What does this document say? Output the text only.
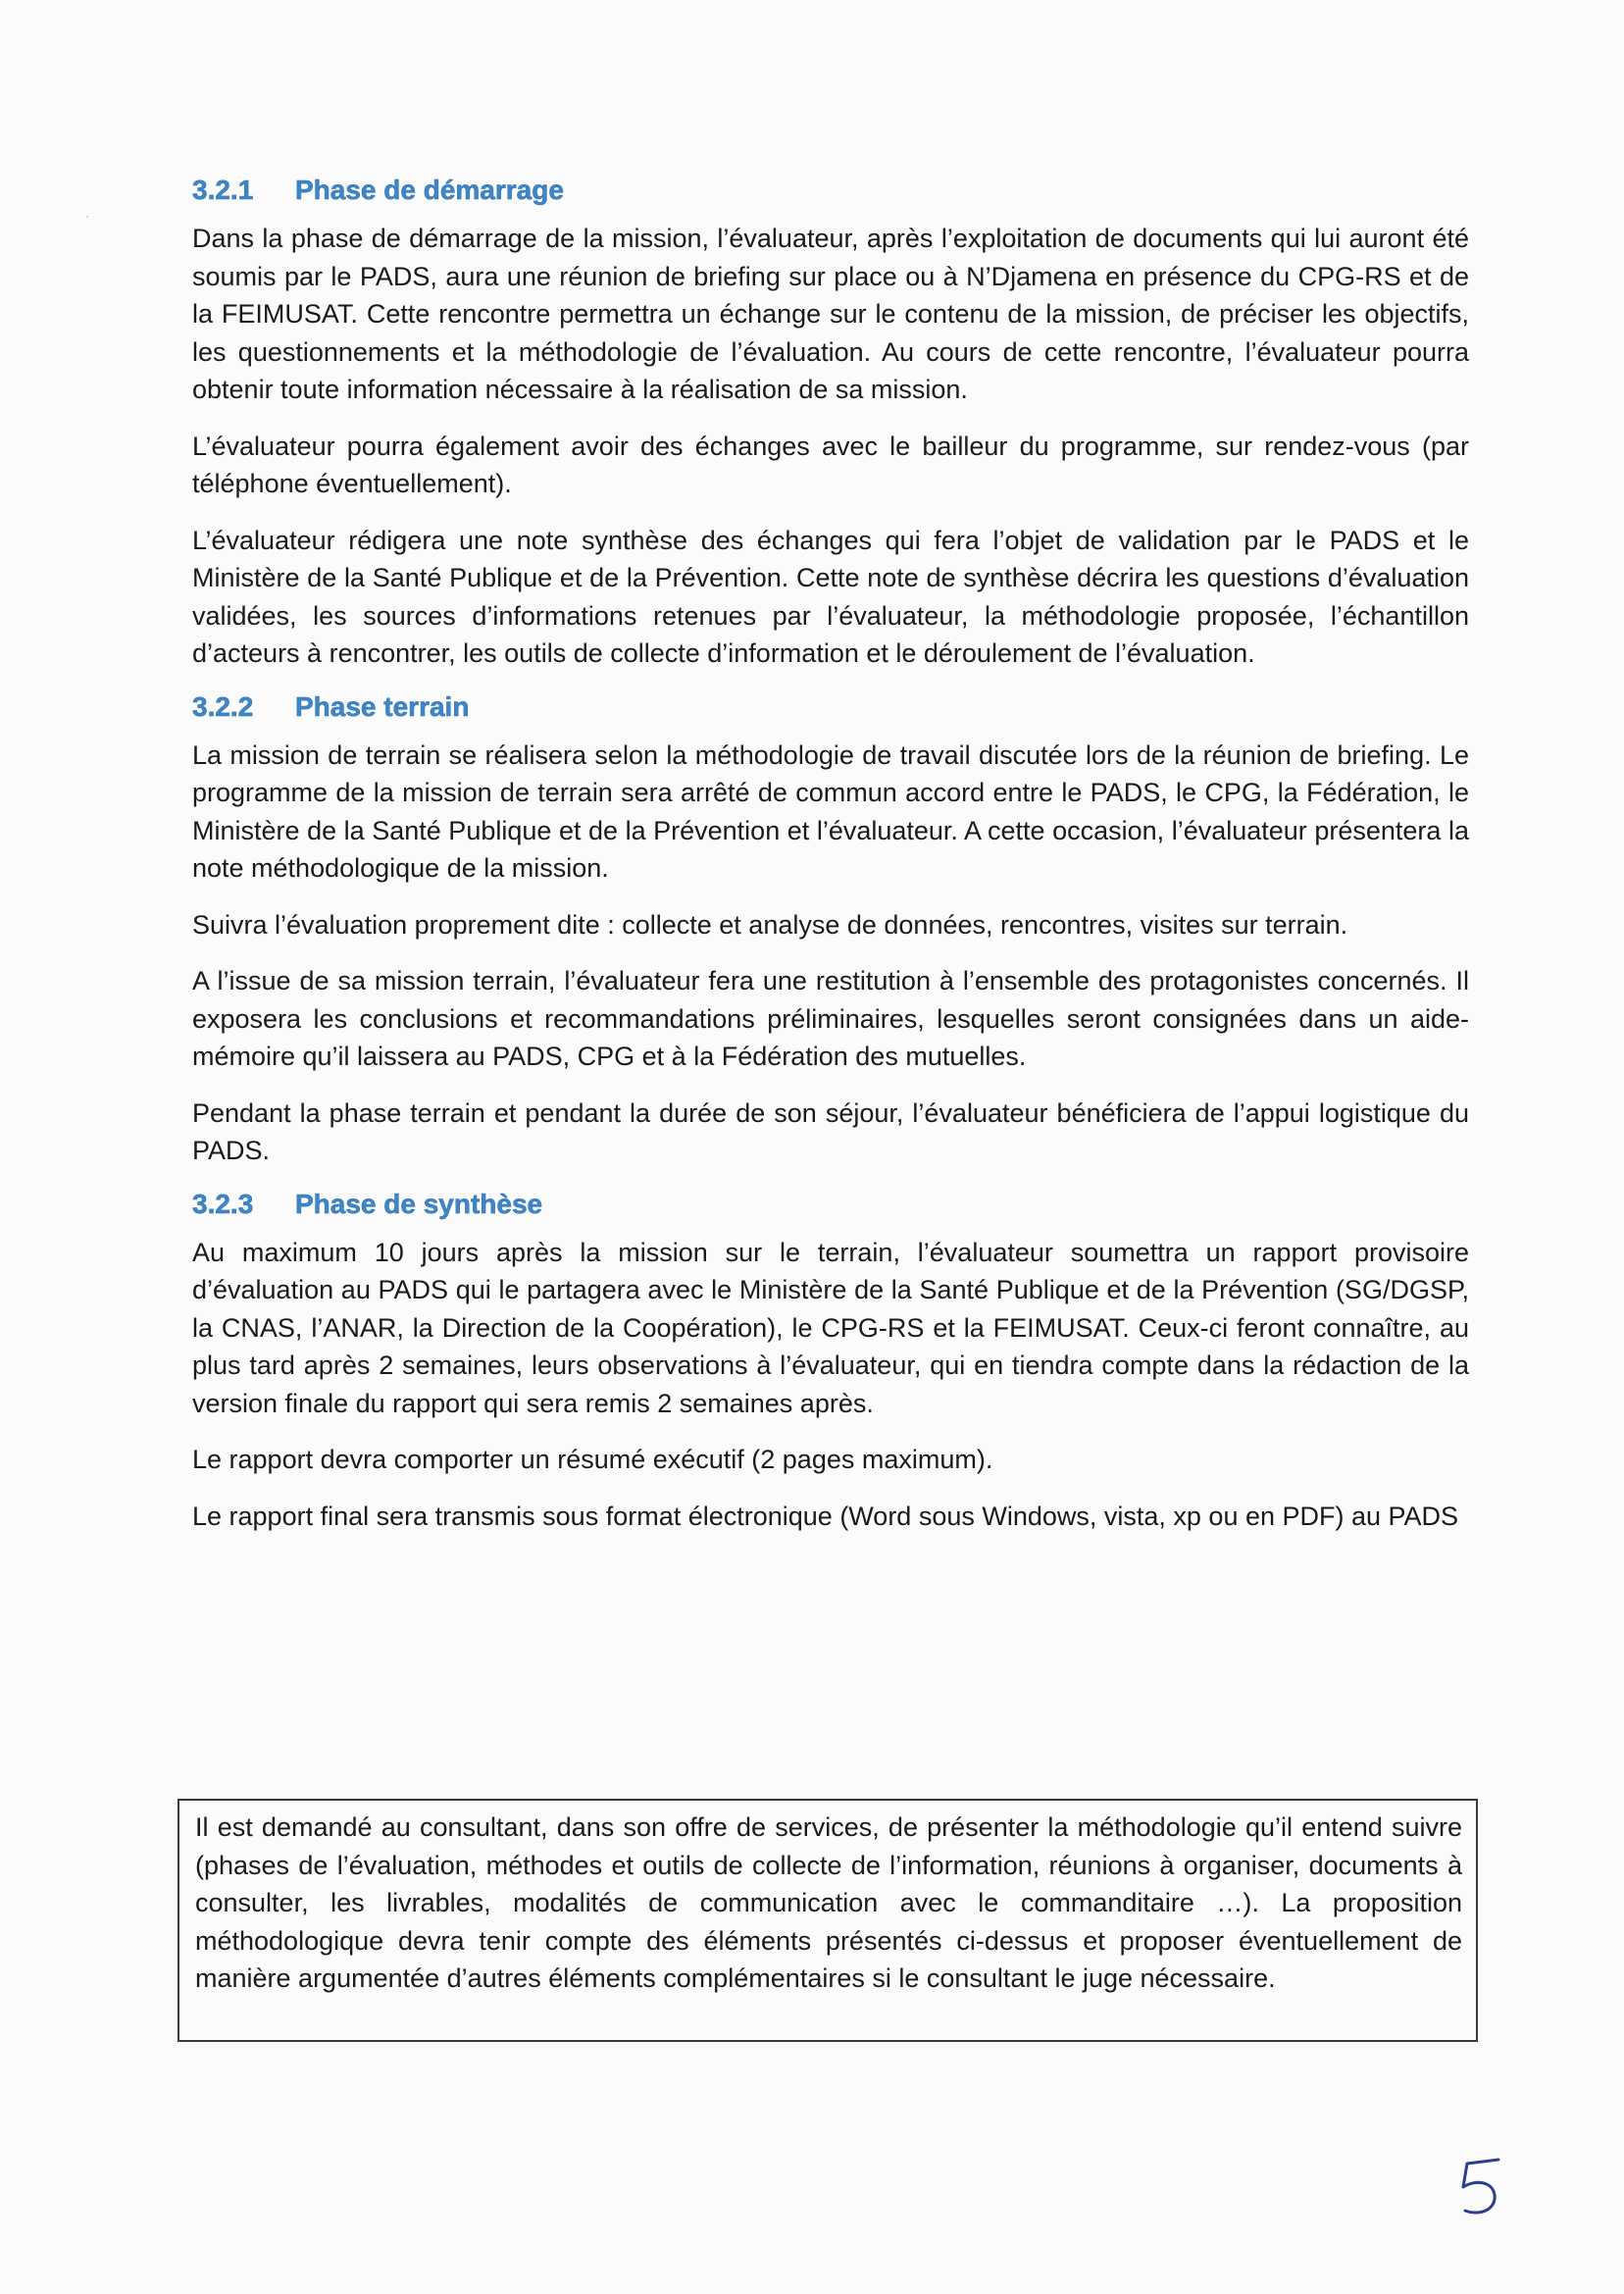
3.2.1	Phase de démarrage

Dans la phase de démarrage de la mission, l’évaluateur, après l’exploitation de documents qui lui auront été soumis par le PADS, aura une réunion de briefing sur place ou à N’Djamena en présence du CPG-RS et de la FEIMUSAT. Cette rencontre permettra un échange sur le contenu de la mission, de préciser les objectifs, les questionnements et la méthodologie de l’évaluation. Au cours de cette rencontre, l’évaluateur pourra obtenir toute information nécessaire à la réalisation de sa mission.

L’évaluateur pourra également avoir des échanges avec le bailleur du programme, sur rendez-vous (par téléphone éventuellement).

L’évaluateur rédigera une note synthèse des échanges qui fera l’objet de validation par le PADS et le Ministère de la Santé Publique et de la Prévention. Cette note de synthèse décrira les questions d’évaluation validées, les sources d’informations retenues par l’évaluateur, la méthodologie proposée, l’échantillon d’acteurs à rencontrer, les outils de collecte d’information et le déroulement de l’évaluation.

3.2.2	Phase terrain

La mission de terrain se réalisera selon la méthodologie de travail discutée lors de la réunion de briefing. Le programme de la mission de terrain sera arrêté de commun accord entre le PADS, le CPG, la Fédération, le Ministère de la Santé Publique et de la Prévention et l’évaluateur. A cette occasion, l’évaluateur présentera la note méthodologique de la mission.

Suivra l’évaluation proprement dite : collecte et analyse de données, rencontres, visites sur terrain.

A l’issue de sa mission terrain, l’évaluateur fera une restitution à l’ensemble des protagonistes concernés. Il exposera les conclusions et recommandations préliminaires, lesquelles seront consignées dans un aide-mémoire qu’il laissera au PADS, CPG et à la Fédération des mutuelles.

Pendant la phase terrain et pendant la durée de son séjour, l’évaluateur bénéficiera de l’appui logistique du PADS.

3.2.3	Phase de synthèse

Au maximum 10 jours après la mission sur le terrain, l’évaluateur soumettra un rapport provisoire d’évaluation au PADS qui le partagera avec le Ministère de la Santé Publique et de la Prévention (SG/DGSP, la CNAS, l’ANAR, la Direction de la Coopération), le CPG-RS et la FEIMUSAT. Ceux-ci feront connaître, au plus tard après 2 semaines, leurs observations à l’évaluateur, qui en tiendra compte dans la rédaction de la version finale du rapport qui sera remis 2 semaines après.

Le rapport devra comporter un résumé exécutif (2 pages maximum).

Le rapport final sera transmis sous format électronique (Word sous Windows, vista, xp ou en PDF) au PADS

Il est demandé au consultant, dans son offre de services, de présenter la méthodologie qu’il entend suivre (phases de l’évaluation, méthodes et outils de collecte de l’information, réunions à organiser, documents à consulter, les livrables, modalités de communication avec le commanditaire …). La proposition méthodologique devra tenir compte des éléments présentés ci-dessus et proposer éventuellement de manière argumentée d’autres éléments complémentaires si le consultant le juge nécessaire.
